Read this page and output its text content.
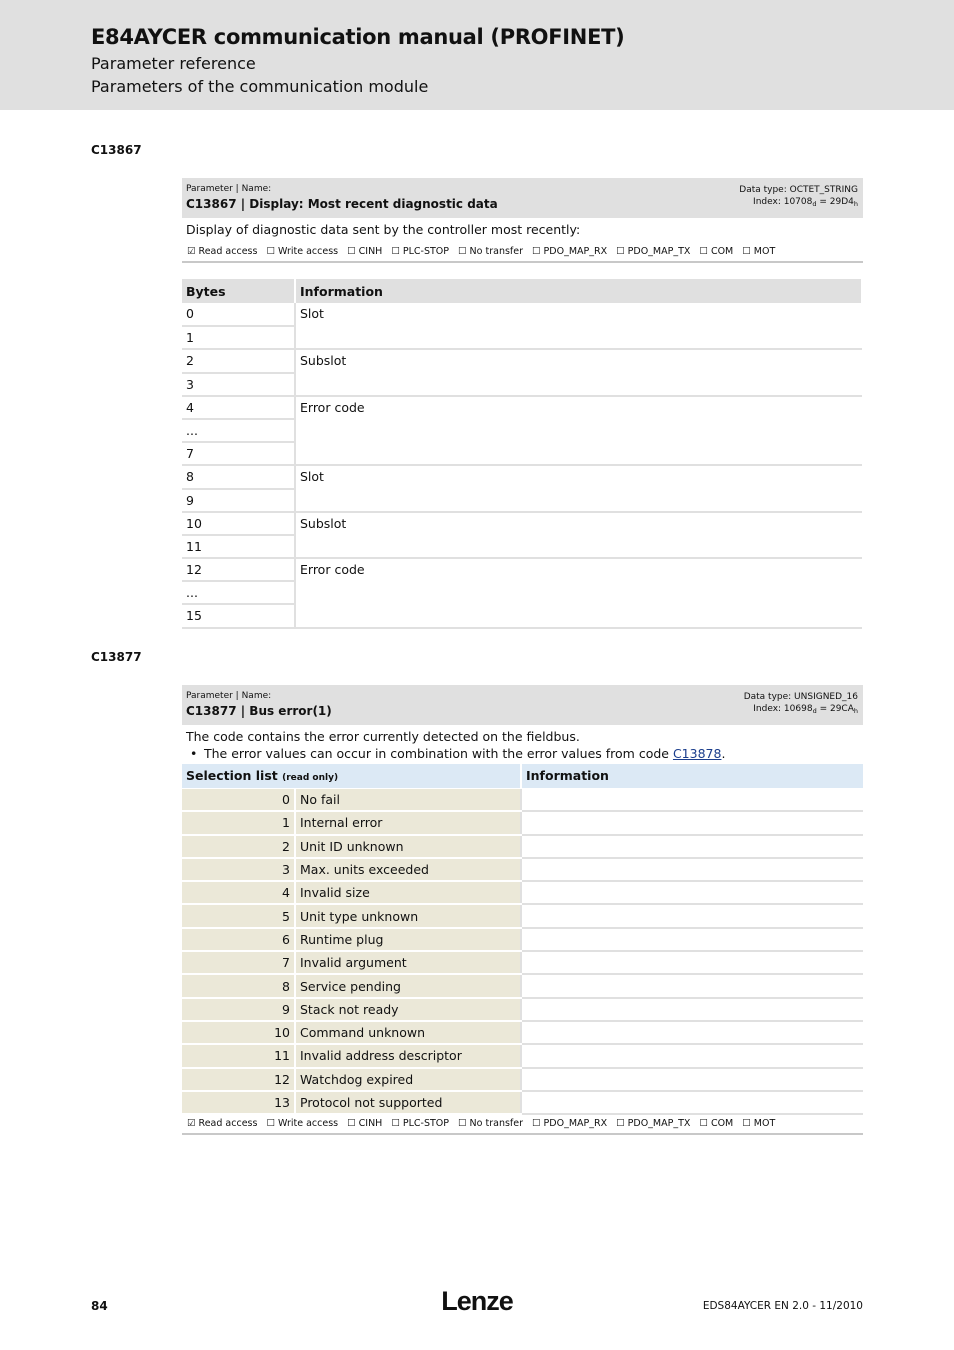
E84AYCER communication manual (PROFINET)
Parameter reference
Parameters of the communication module
C13867
Parameter | Name:
C13867 | Display: Most recent diagnostic data
Data type: OCTET_STRING
Index: $10708_d = 29D4_h$
Display of diagnostic data sent by the controller most recently:
☑ Read access ☐ Write access ☐ CINH ☐ PLC-STOP ☐ No transfer ☐ PDO_MAP_RX ☐ PDO_MAP_TX ☐ COM ☐ MOT
Bytes	Information
0	Slot
1	
2	Subslot
3	
4	Error code
...	
7	
8	Slot
9	
10	Subslot
11	
12	Error code
...	
15	
C13877
Parameter | Name:
C13877 | Bus error(1)
Data type: UNSIGNED_16
Index: $10698_d = 29CA_h$
The code contains the error currently detected on the fieldbus.
• The error values can occur in combination with the error values from code C13878.
Selection list (read only)		Information
0	No fail	
1	Internal error	
2	Unit ID unknown	
3	Max. units exceeded	
4	Invalid size	
5	Unit type unknown	
6	Runtime plug	
7	Invalid argument	
8	Service pending	
9	Stack not ready	
10	Command unknown	
11	Invalid address descriptor	
12	Watchdog expired	
13	Protocol not supported	
☑ Read access ☐ Write access ☐ CINH ☐ PLC-STOP ☐ No transfer ☐ PDO_MAP_RX ☐ PDO_MAP_TX ☐ COM ☐ MOT
84	Lenze	EDS84AYCER EN 2.0 - 11/2010
